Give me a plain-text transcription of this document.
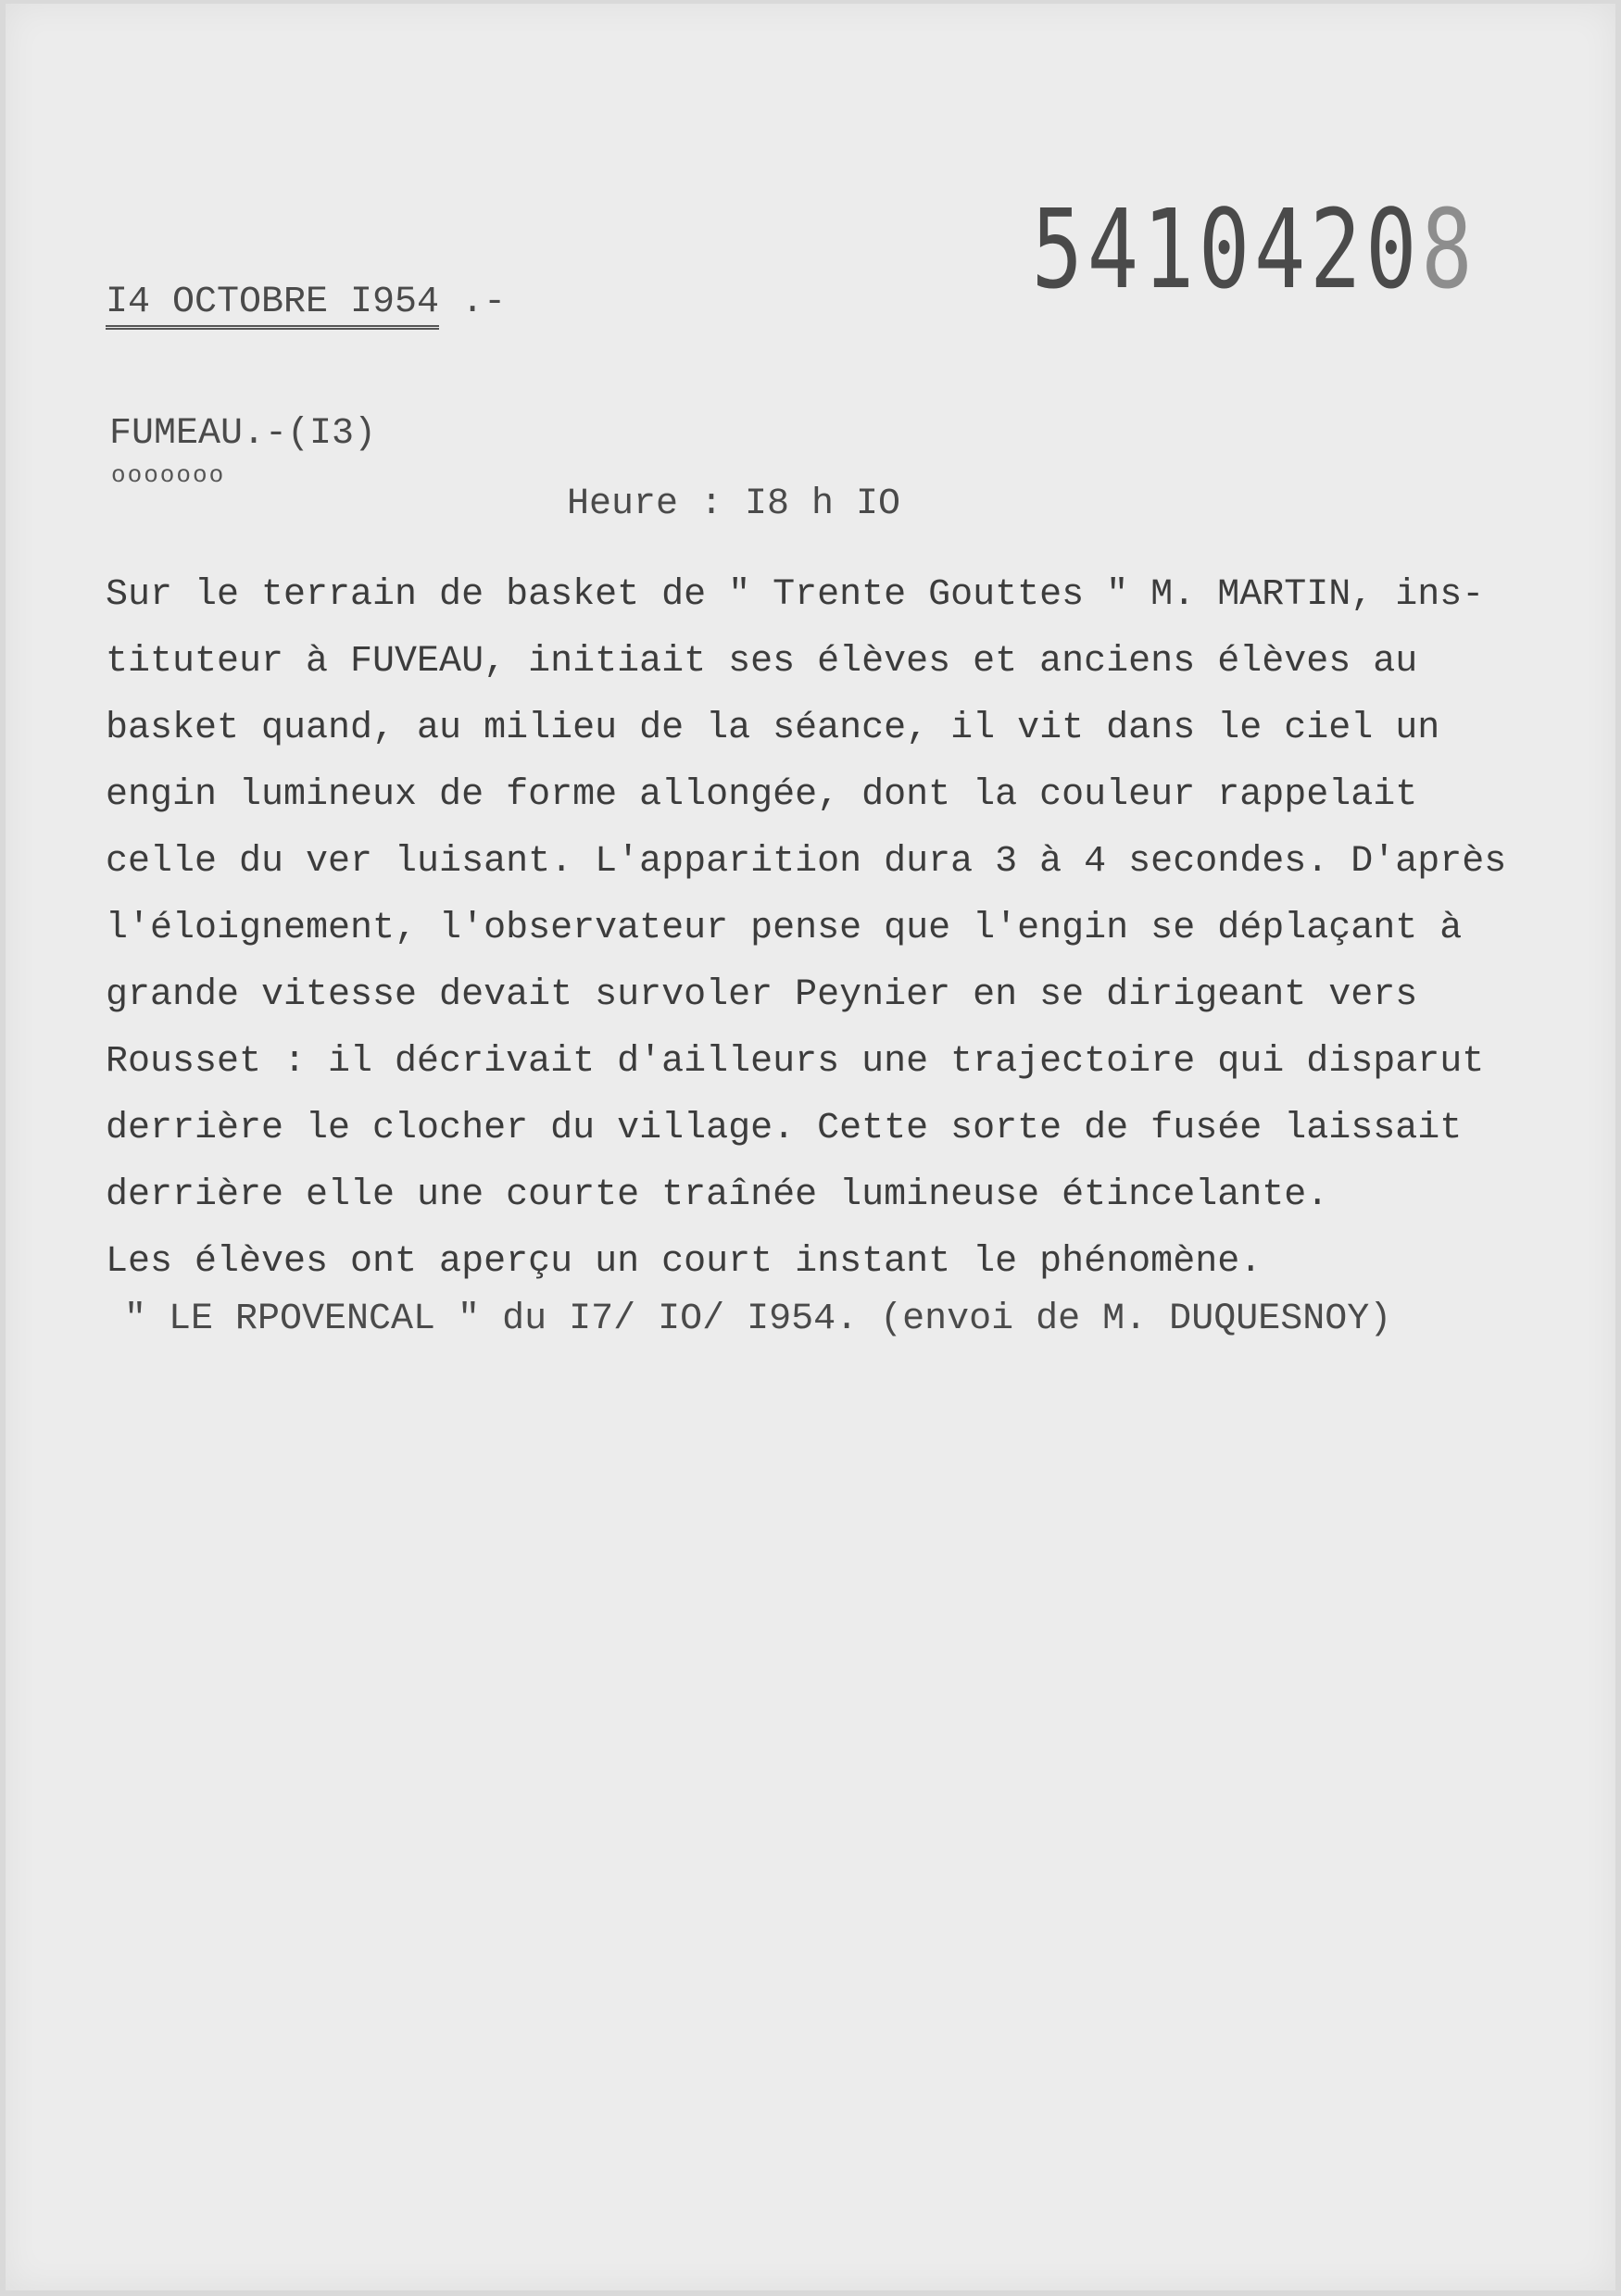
54104208
I4 OCTOBRE I954 .-
FUMEAU.-(I3)
ooooooo
Heure : I8 h IO
Sur le terrain de basket de " Trente Gouttes " M. MARTIN, ins-
tituteur à FUVEAU, initiait ses élèves et anciens élèves au
basket quand, au milieu de la séance, il vit dans le ciel un
engin lumineux de forme allongée, dont la couleur rappelait
celle du ver luisant. L'apparition dura 3 à 4 secondes. D'après
l'éloignement, l'observateur pense que l'engin se déplaçant à
grande vitesse devait survoler Peynier en se dirigeant vers
Rousset : il décrivait d'ailleurs une trajectoire qui disparut
derrière le clocher du village. Cette sorte de fusée laissait
derrière elle une courte traînée lumineuse étincelante.
Les élèves ont aperçu un court instant le phénomène.
" LE RPOVENCAL " du I7/ IO/ I954. (envoi de M. DUQUESNOY)
